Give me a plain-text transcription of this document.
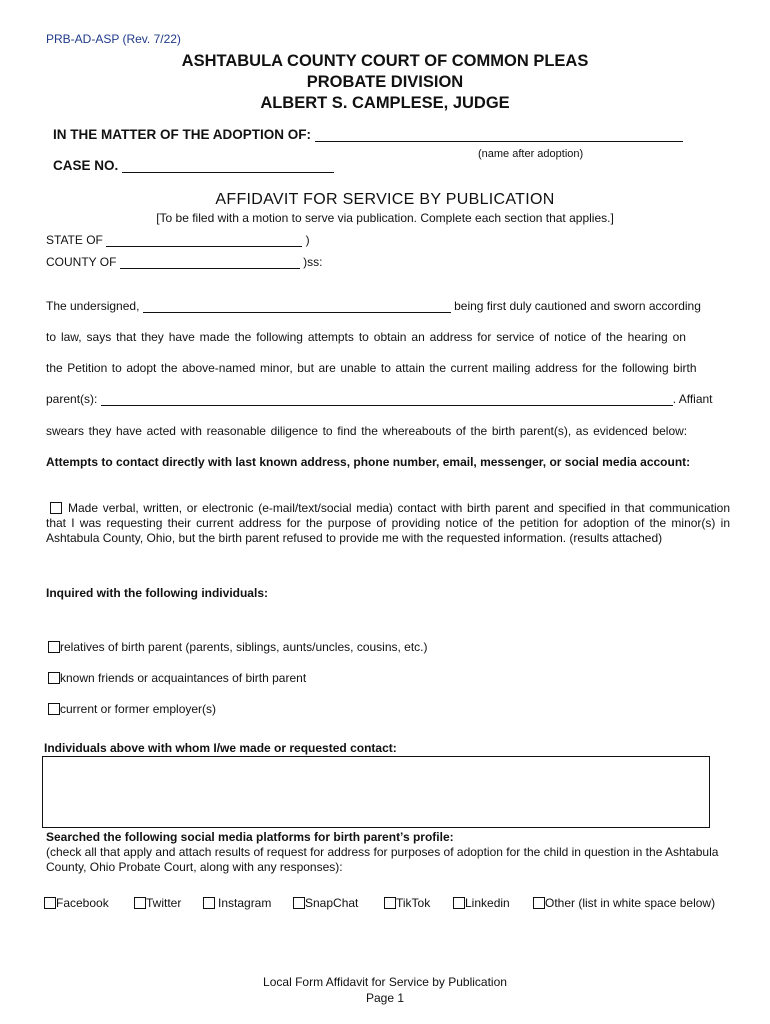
PRB-AD-ASP (Rev. 7/22)
ASHTABULA COUNTY COURT OF COMMON PLEAS
PROBATE DIVISION
ALBERT S. CAMPLESE, JUDGE
IN THE MATTER OF THE ADOPTION OF:
(name after adoption)
CASE NO.
AFFIDAVIT FOR SERVICE BY PUBLICATION
[To be filed with a motion to serve via publication. Complete each section that applies.]
STATE OF	)
COUNTY OF	)ss:
The undersigned,	being first duly cautioned and sworn according
to law, says that they have made the following attempts to obtain an address for service of notice of the hearing on
the Petition to adopt the above-named minor, but are unable to attain the current mailing address for the following birth
parent(s):	. Affiant
swears they have acted with reasonable diligence to find the whereabouts of the birth parent(s), as evidenced below:
Attempts to contact directly with last known address, phone number, email, messenger, or social media account:
Made verbal, written, or electronic (e-mail/text/social media) contact with birth parent and specified in that communication that I was requesting their current address for the purpose of providing notice of the petition for adoption of the minor(s) in Ashtabula County, Ohio, but the birth parent refused to provide me with the requested information. (results attached)
Inquired with the following individuals:
relatives of birth parent (parents, siblings, aunts/uncles, cousins, etc.)
known friends or acquaintances of birth parent
current or former employer(s)
Individuals above with whom I/we made or requested contact:
Searched the following social media platforms for birth parent’s profile:
(check all that apply and attach results of request for address for purposes of adoption for the child in question in the Ashtabula County, Ohio Probate Court, along with any responses):
Facebook	Twitter	Instagram	SnapChat	TikTok	Linkedin	Other (list in white space below)
Local Form Affidavit for Service by Publication
Page 1
